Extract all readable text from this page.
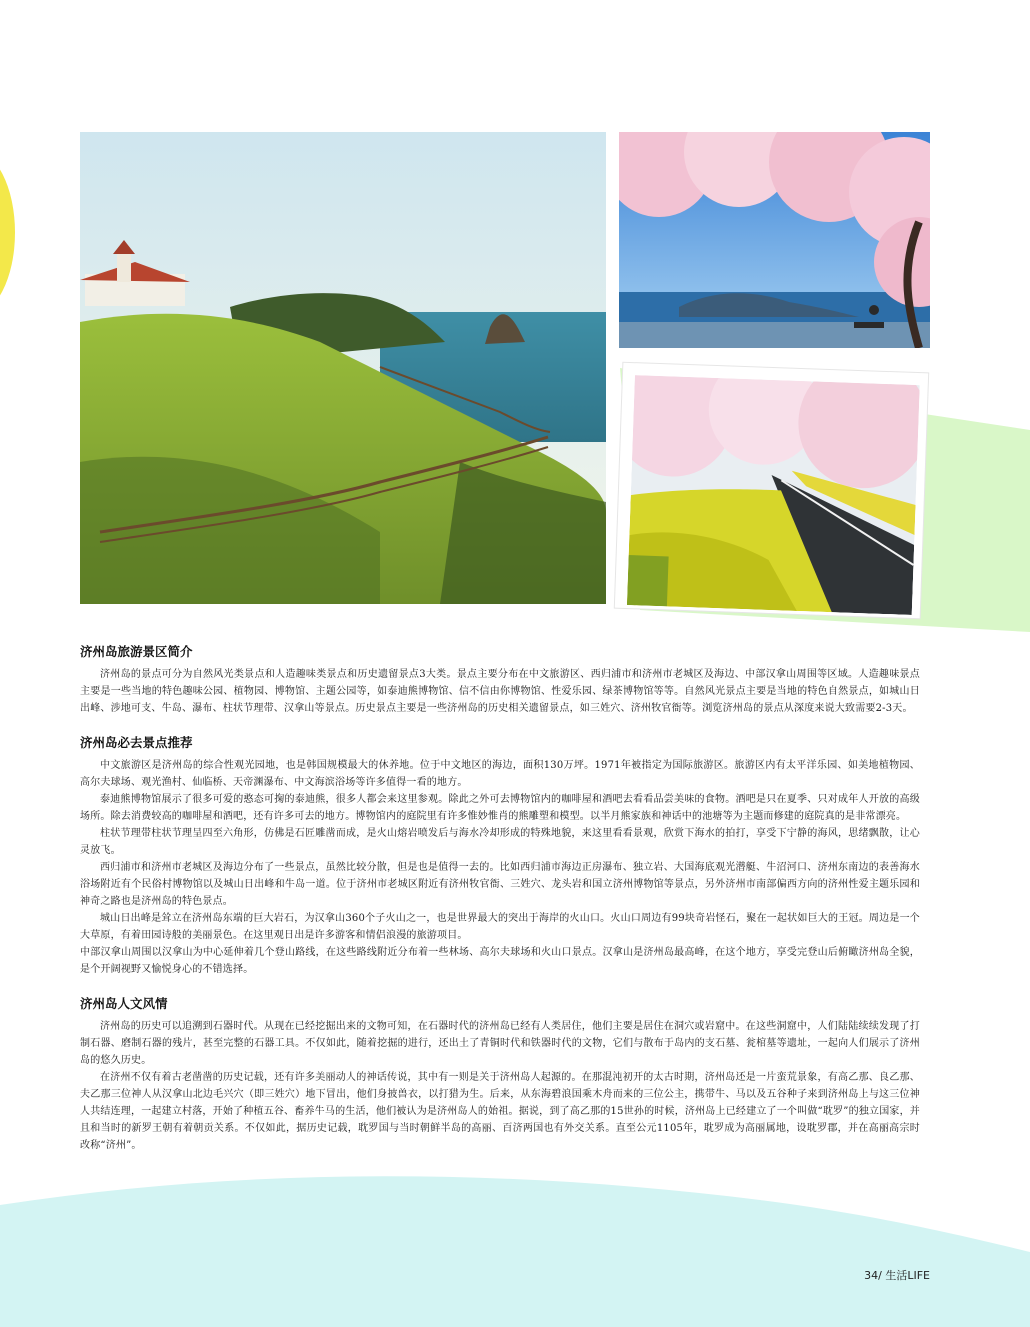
济州岛旅游景区简介

济州岛的景点可分为自然风光类景点和人造趣味类景点和历史遗留景点3大类。景点主要分布在中文旅游区、西归浦市和济州市老城区及海边、中部汉拿山周围等区域。人造趣味景点主要是一些当地的特色趣味公园、植物园、博物馆、主题公园等，如泰迪熊博物馆、信不信由你博物馆、性爱乐园、绿茶博物馆等等。自然风光景点主要是当地的特色自然景点，如城山日出峰、涉地可支、牛岛、瀑布、柱状节理带、汉拿山等景点。历史景点主要是一些济州岛的历史相关遗留景点，如三姓穴、济州牧官衙等。浏览济州岛的景点从深度来说大致需要2-3天。

济州岛必去景点推荐

中文旅游区是济州岛的综合性观光园地，也是韩国规模最大的休养地。位于中文地区的海边，面积130万坪。1971年被指定为国际旅游区。旅游区内有太平洋乐园、如美地植物园、高尔夫球场、观光渔村、仙临桥、天帝渊瀑布、中文海滨浴场等许多值得一看的地方。

泰迪熊博物馆展示了很多可爱的憨态可掬的泰迪熊，很多人都会来这里参观。除此之外可去博物馆内的咖啡屋和酒吧去看看品尝美味的食物。酒吧是只在夏季、只对成年人开放的高级场所。除去消费较高的咖啡屋和酒吧，还有许多可去的地方。博物馆内的庭院里有许多惟妙惟肖的熊雕塑和模型。以半月熊家族和神话中的池塘等为主题而修建的庭院真的是非常漂亮。

柱状节理带柱状节理呈四至六角形，仿佛是石匠雕凿而成，是火山熔岩喷发后与海水冷却形成的特殊地貌，来这里看看景观，欣赏下海水的拍打，享受下宁静的海风，思绪飘散，让心灵放飞。

西归浦市和济州市老城区及海边分布了一些景点，虽然比较分散，但是也是值得一去的。比如西归浦市海边正房瀑布、独立岩、大国海底观光潜艇、牛沼河口、济州东南边的表善海水浴场附近有个民俗村博物馆以及城山日出峰和牛岛一道。位于济州市老城区附近有济州牧官衙、三姓穴、龙头岩和国立济州博物馆等景点，另外济州市南部偏西方向的济州性爱主题乐园和神奇之路也是济州岛的特色景点。

城山日出峰是耸立在济州岛东端的巨大岩石，为汉拿山360个子火山之一，也是世界最大的突出于海岸的火山口。火山口周边有99块奇岩怪石，聚在一起状如巨大的王冠。周边是一个大草原，有着田园诗般的美丽景色。在这里观日出是许多游客和情侣浪漫的旅游项目。

中部汉拿山周围以汉拿山为中心延伸着几个登山路线，在这些路线附近分布着一些林场、高尔夫球场和火山口景点。汉拿山是济州岛最高峰，在这个地方，享受完登山后俯瞰济州岛全貌，是个开阔视野又愉悦身心的不错选择。

济州岛人文风情

济州岛的历史可以追溯到石器时代。从现在已经挖掘出来的文物可知，在石器时代的济州岛已经有人类居住，他们主要是居住在洞穴或岩窟中。在这些洞窟中，人们陆陆续续发现了打制石器、磨制石器的残片，甚至完整的石器工具。不仅如此，随着挖掘的进行，还出土了青铜时代和铁器时代的文物，它们与散布于岛内的支石墓、瓮棺墓等遗址，一起向人们展示了济州岛的悠久历史。

在济州不仅有着古老凿凿的历史记载，还有许多美丽动人的神话传说，其中有一则是关于济州岛人起源的。在那混沌初开的太古时期，济州岛还是一片蛮荒景象，有高乙那、良乙那、夫乙那三位神人从汉拿山北边毛兴穴（即三姓穴）地下冒出，他们身披兽衣，以打猎为生。后来，从东海碧浪国乘木舟而来的三位公主，携带牛、马以及五谷种子来到济州岛上与这三位神人共结连理，一起建立村落，开始了种植五谷、畜养牛马的生活，他们被认为是济州岛人的始祖。据说，到了高乙那的15世孙的时候，济州岛上已经建立了一个叫做“耽罗”的独立国家，并且和当时的新罗王朝有着朝贡关系。不仅如此，据历史记载，耽罗国与当时朝鲜半岛的高丽、百济两国也有外交关系。直至公元1105年，耽罗成为高丽属地，设耽罗郡，并在高丽高宗时改称“济州”。

34/ 生活LIFE
